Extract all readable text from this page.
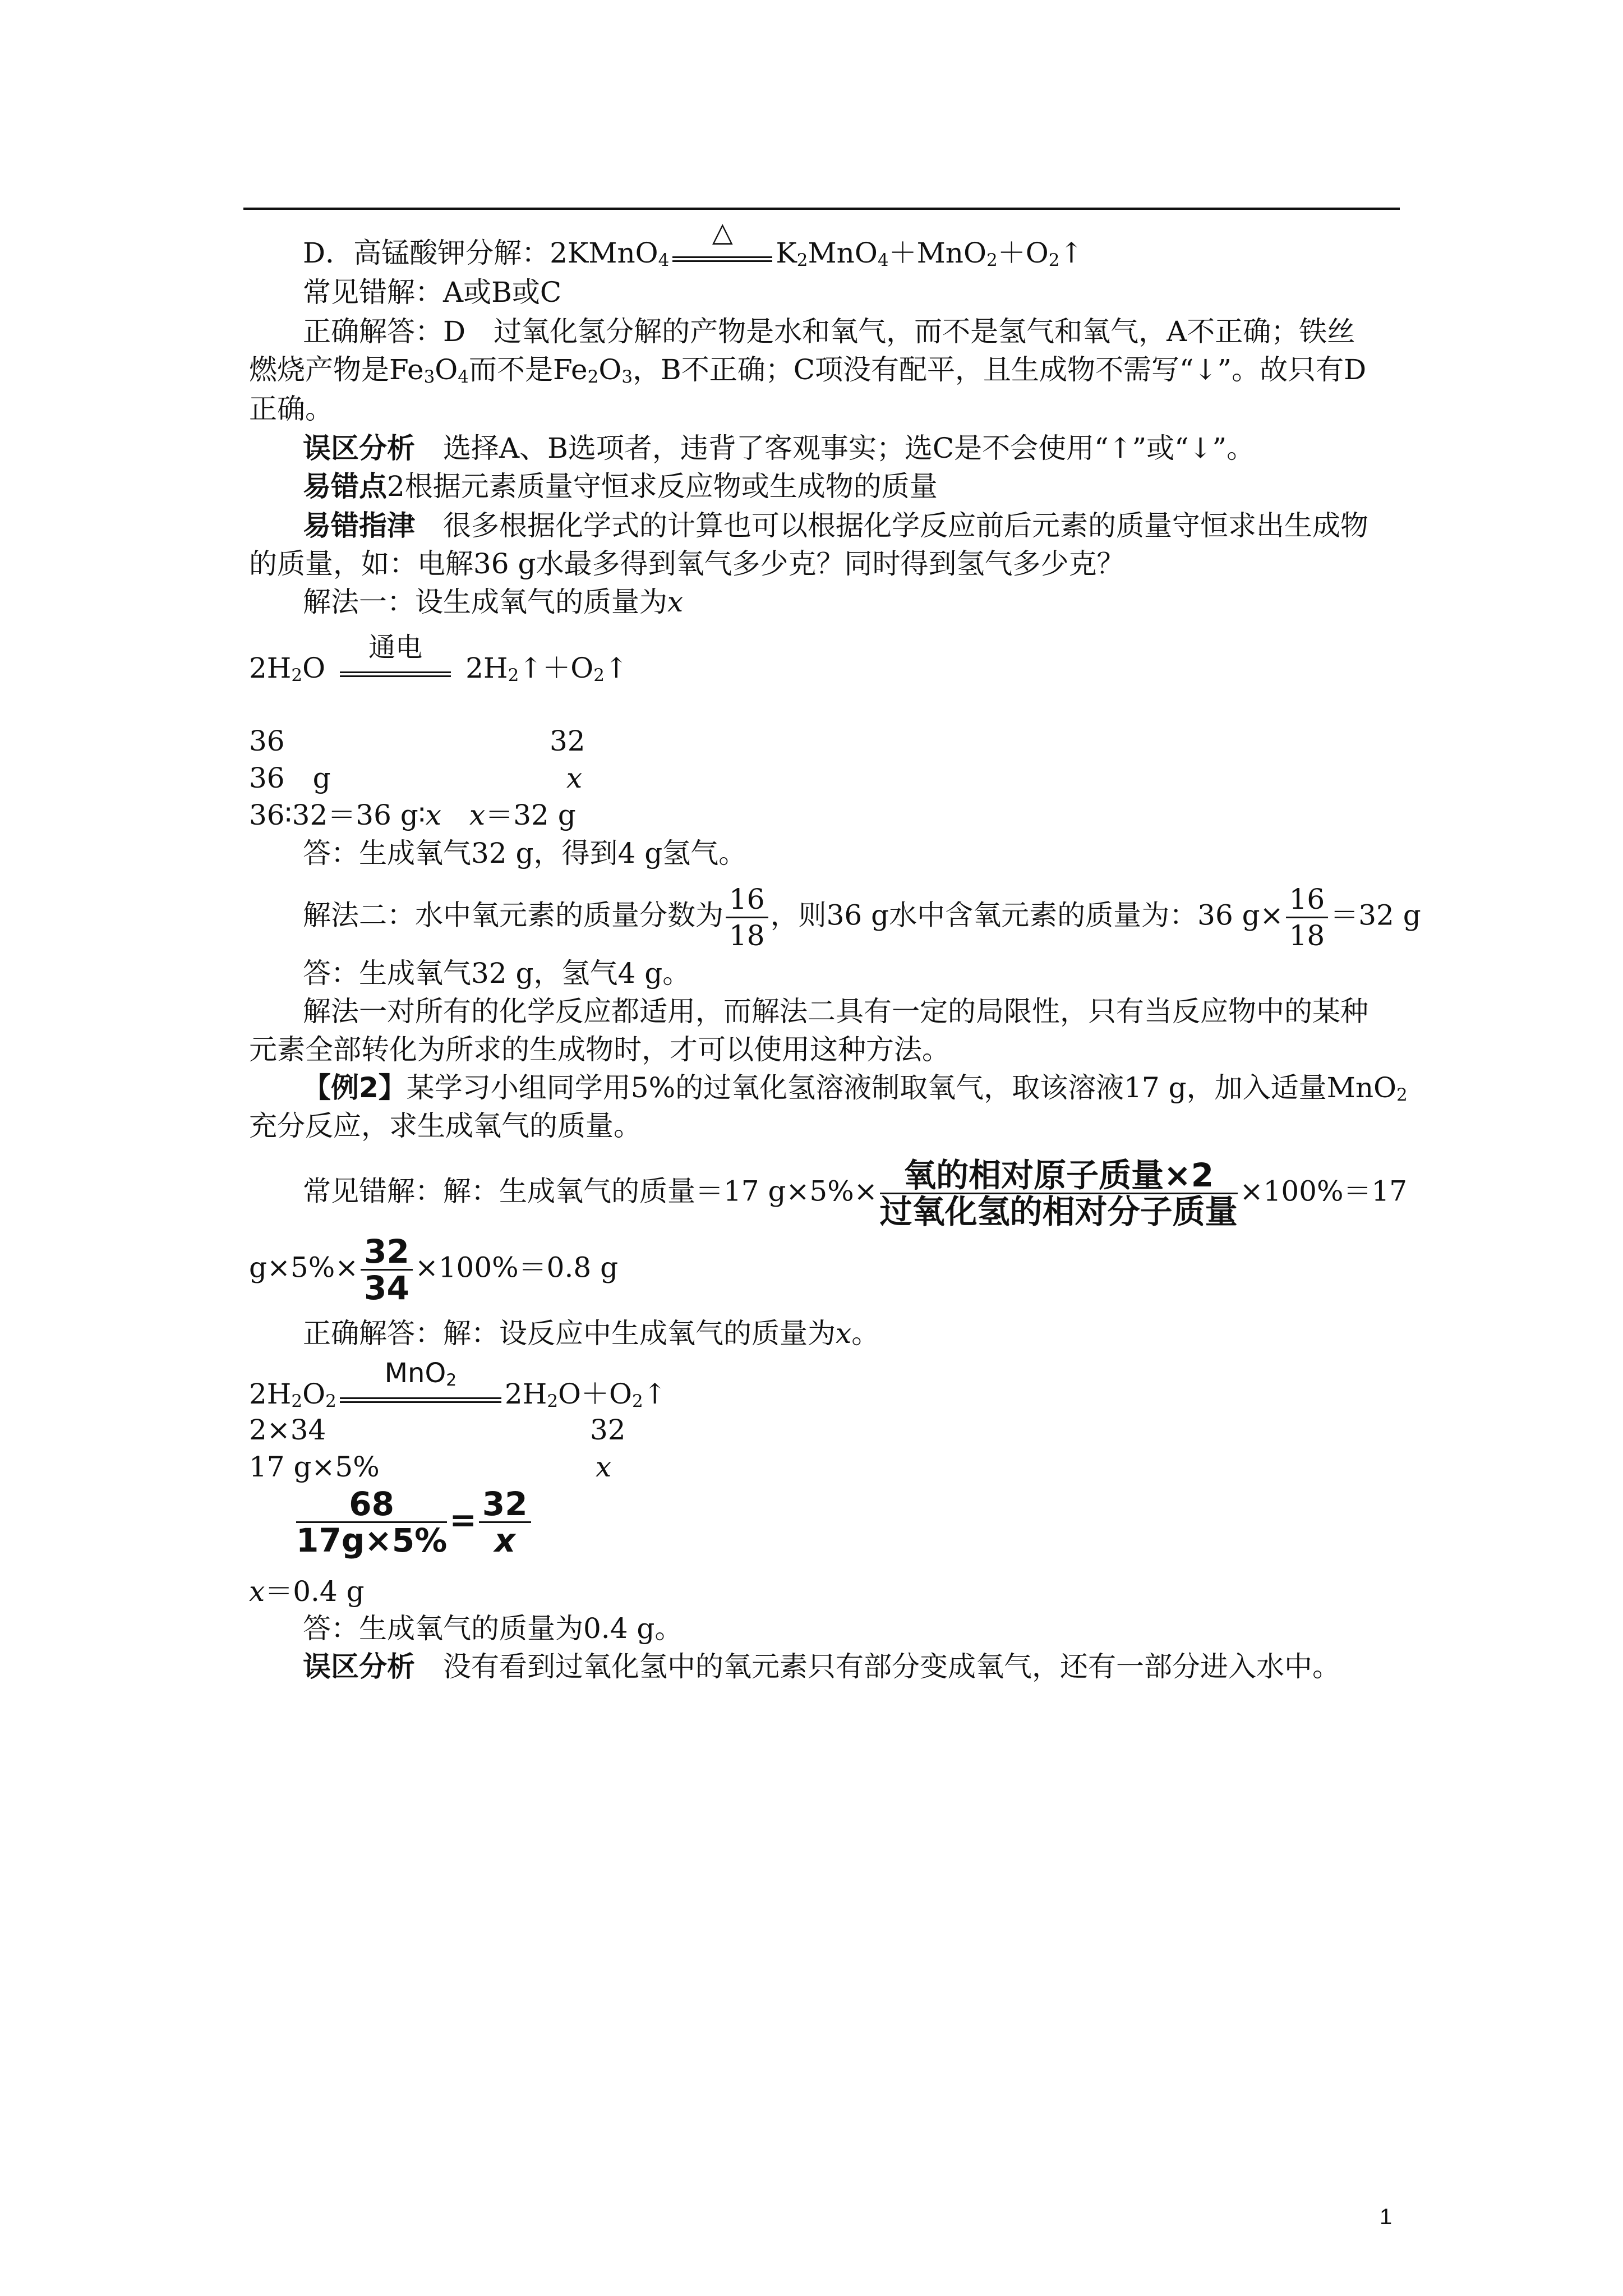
D．高锰酸钾分解：2KMnO$_4$
△
$K_2MnO_4+MnO_2+O_2↑$
常见错解：A或B或C
正确解答：D　过氧化氢分解的产物是水和氧气，而不是氢气和氧气，A不正确；铁丝
燃烧产物是$Fe_3O_4$而不是$Fe_2O_3$，B不正确；C项没有配平，且生成物不需写“↓”。故只有D
正确。
误区分析　选择A、B选项者，违背了客观事实；选C是不会使用“↑”或“↓”。
易错点2根据元素质量守恒求反应物或生成物的质量
易错指津　很多根据化学式的计算也可以根据化学反应前后元素的质量守恒求出生成物
的质量，如：电解36 g水最多得到氧气多少克？同时得到氢气多少克？
解法一：设生成氧气的质量为x
$2H_2O$
通电
$2H_2↑+O_2↑$
36	32
36　g	x
36∶32＝36 g∶x　 x＝32 g
答：生成氧气32 g，得到4 g氢气。
解法二：水中氧元素的质量分数为 $\frac{16}{18}$ ，则36 g水中含氧元素的质量为：36 $g\times \frac{16}{18} =32$ g
答：生成氧气32 g，氢气4 g。
解法一对所有的化学反应都适用，而解法二具有一定的局限性，只有当反应物中的某种
元素全部转化为所求的生成物时，才可以使用这种方法。
【例2】某学习小组同学用5%的过氧化氢溶液制取氧气，取该溶液17 g，加入适量MnO$_2$
充分反应，求生成氧气的质量。
常见错解：解：生成氧气的质量＝17 $g\times 5\%\times \frac{\text{氧的相对原子质量×2}}{\text{过氧化氢的相对分子质量}} \times 100\%=17$
$g\times 5\%\times \frac{32}{34} \times 100\%=0.8$ g
正确解答：解：设反应中生成氧气的质量为x。
$2H_2O_2$
MnO$_2$	$2H_2O+O_2↑$
2×34	32
17 g×5%	x
$\frac{68}{17g\times 5\%} = \frac{32}{x}$
x＝0.4 g
答：生成氧气的质量为0.4 g。
误区分析　没有看到过氧化氢中的氧元素只有部分变成氧气，还有一部分进入水中。
1
